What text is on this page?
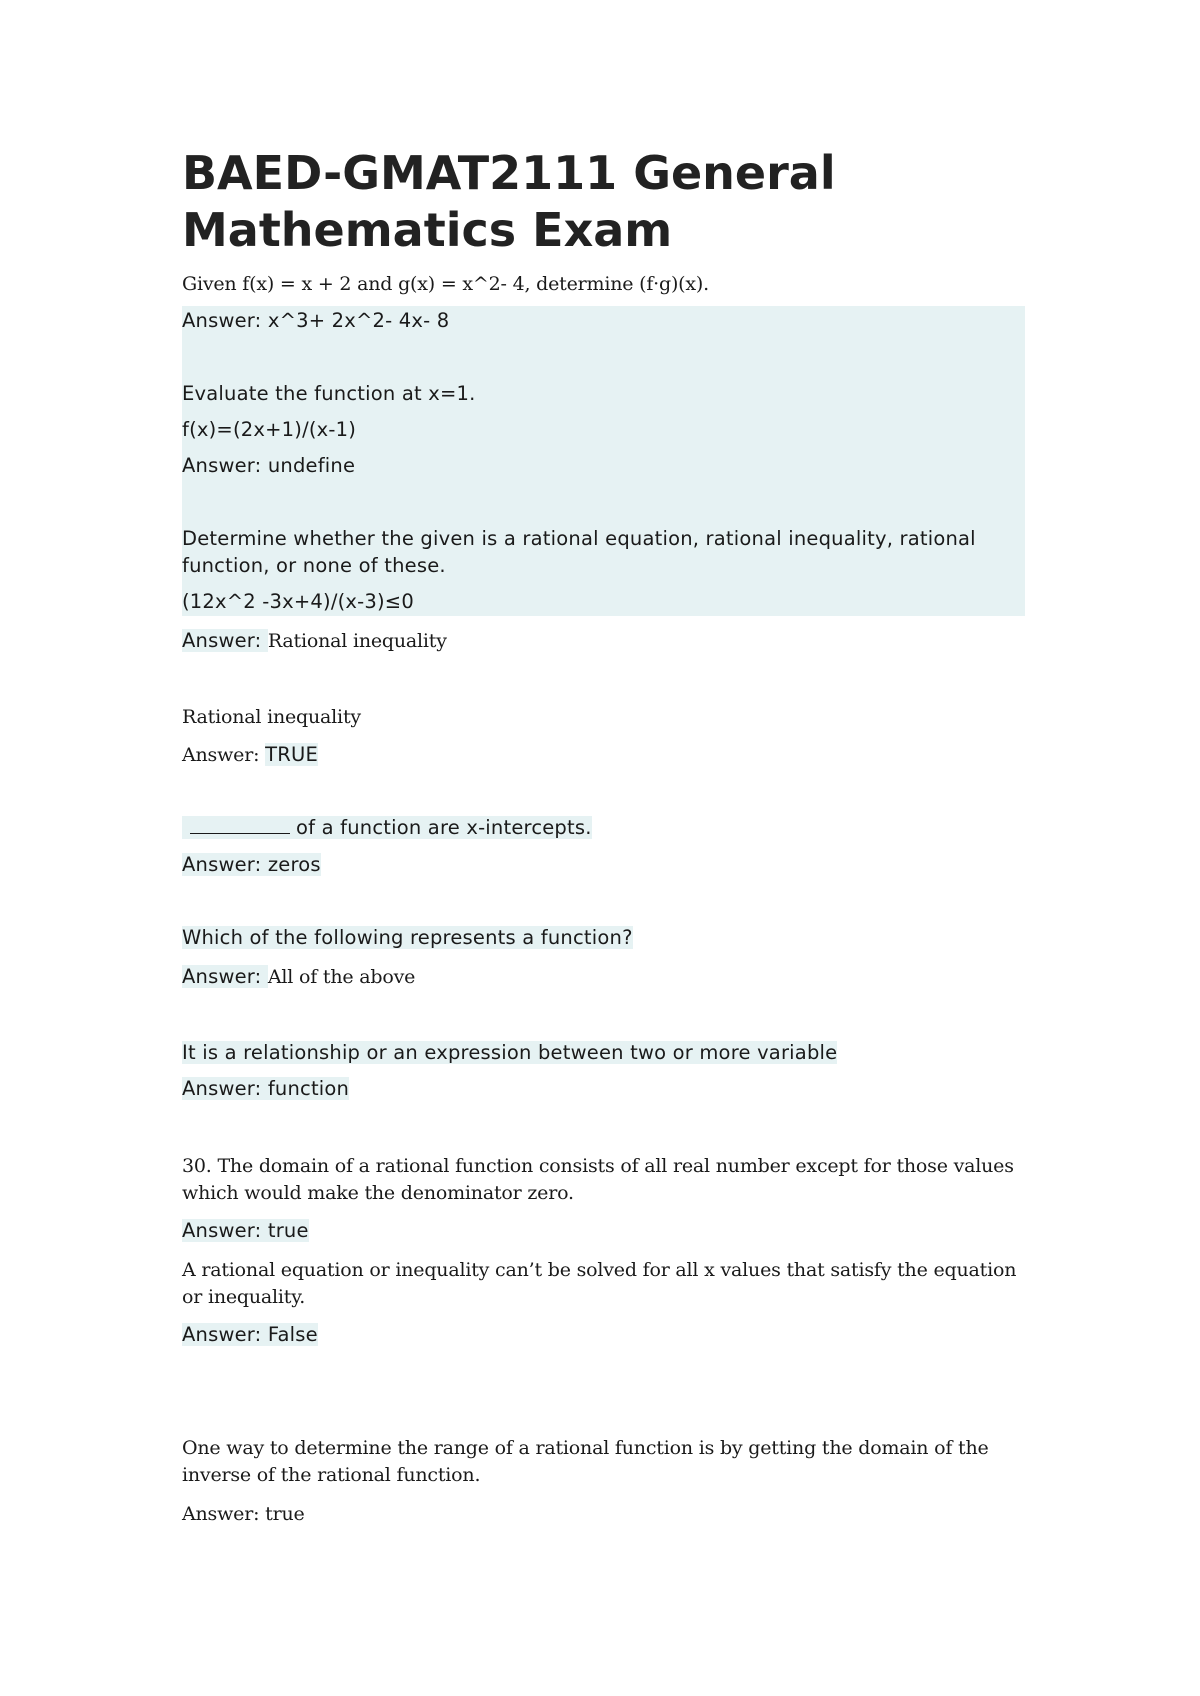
BAED-GMAT2111 General Mathematics Exam
Given f(x) = x + 2 and g(x) = x^2- 4, determine (f·g)(x).
Answer: x^3+ 2x^2- 4x- 8
Evaluate the function at x=1.
f(x)=(2x+1)/(x-1)
Answer: undefine
Determine whether the given is a rational equation, rational inequality, rational function, or none of these.
(12x^2 -3x+4)/(x-3)≤0
Answer: Rational inequality
Rational inequality
Answer: TRUE
of a function are x-intercepts.
Answer: zeros
Which of the following represents a function?
Answer: All of the above
It is a relationship or an expression between two or more variable
Answer: function
30. The domain of a rational function consists of all real number except for those values which would make the denominator zero.
Answer: true
A rational equation or inequality can’t be solved for all x values that satisfy the equation or inequality.
Answer: False
One way to determine the range of a rational function is by getting the domain of the inverse of the rational function.
Answer: true
